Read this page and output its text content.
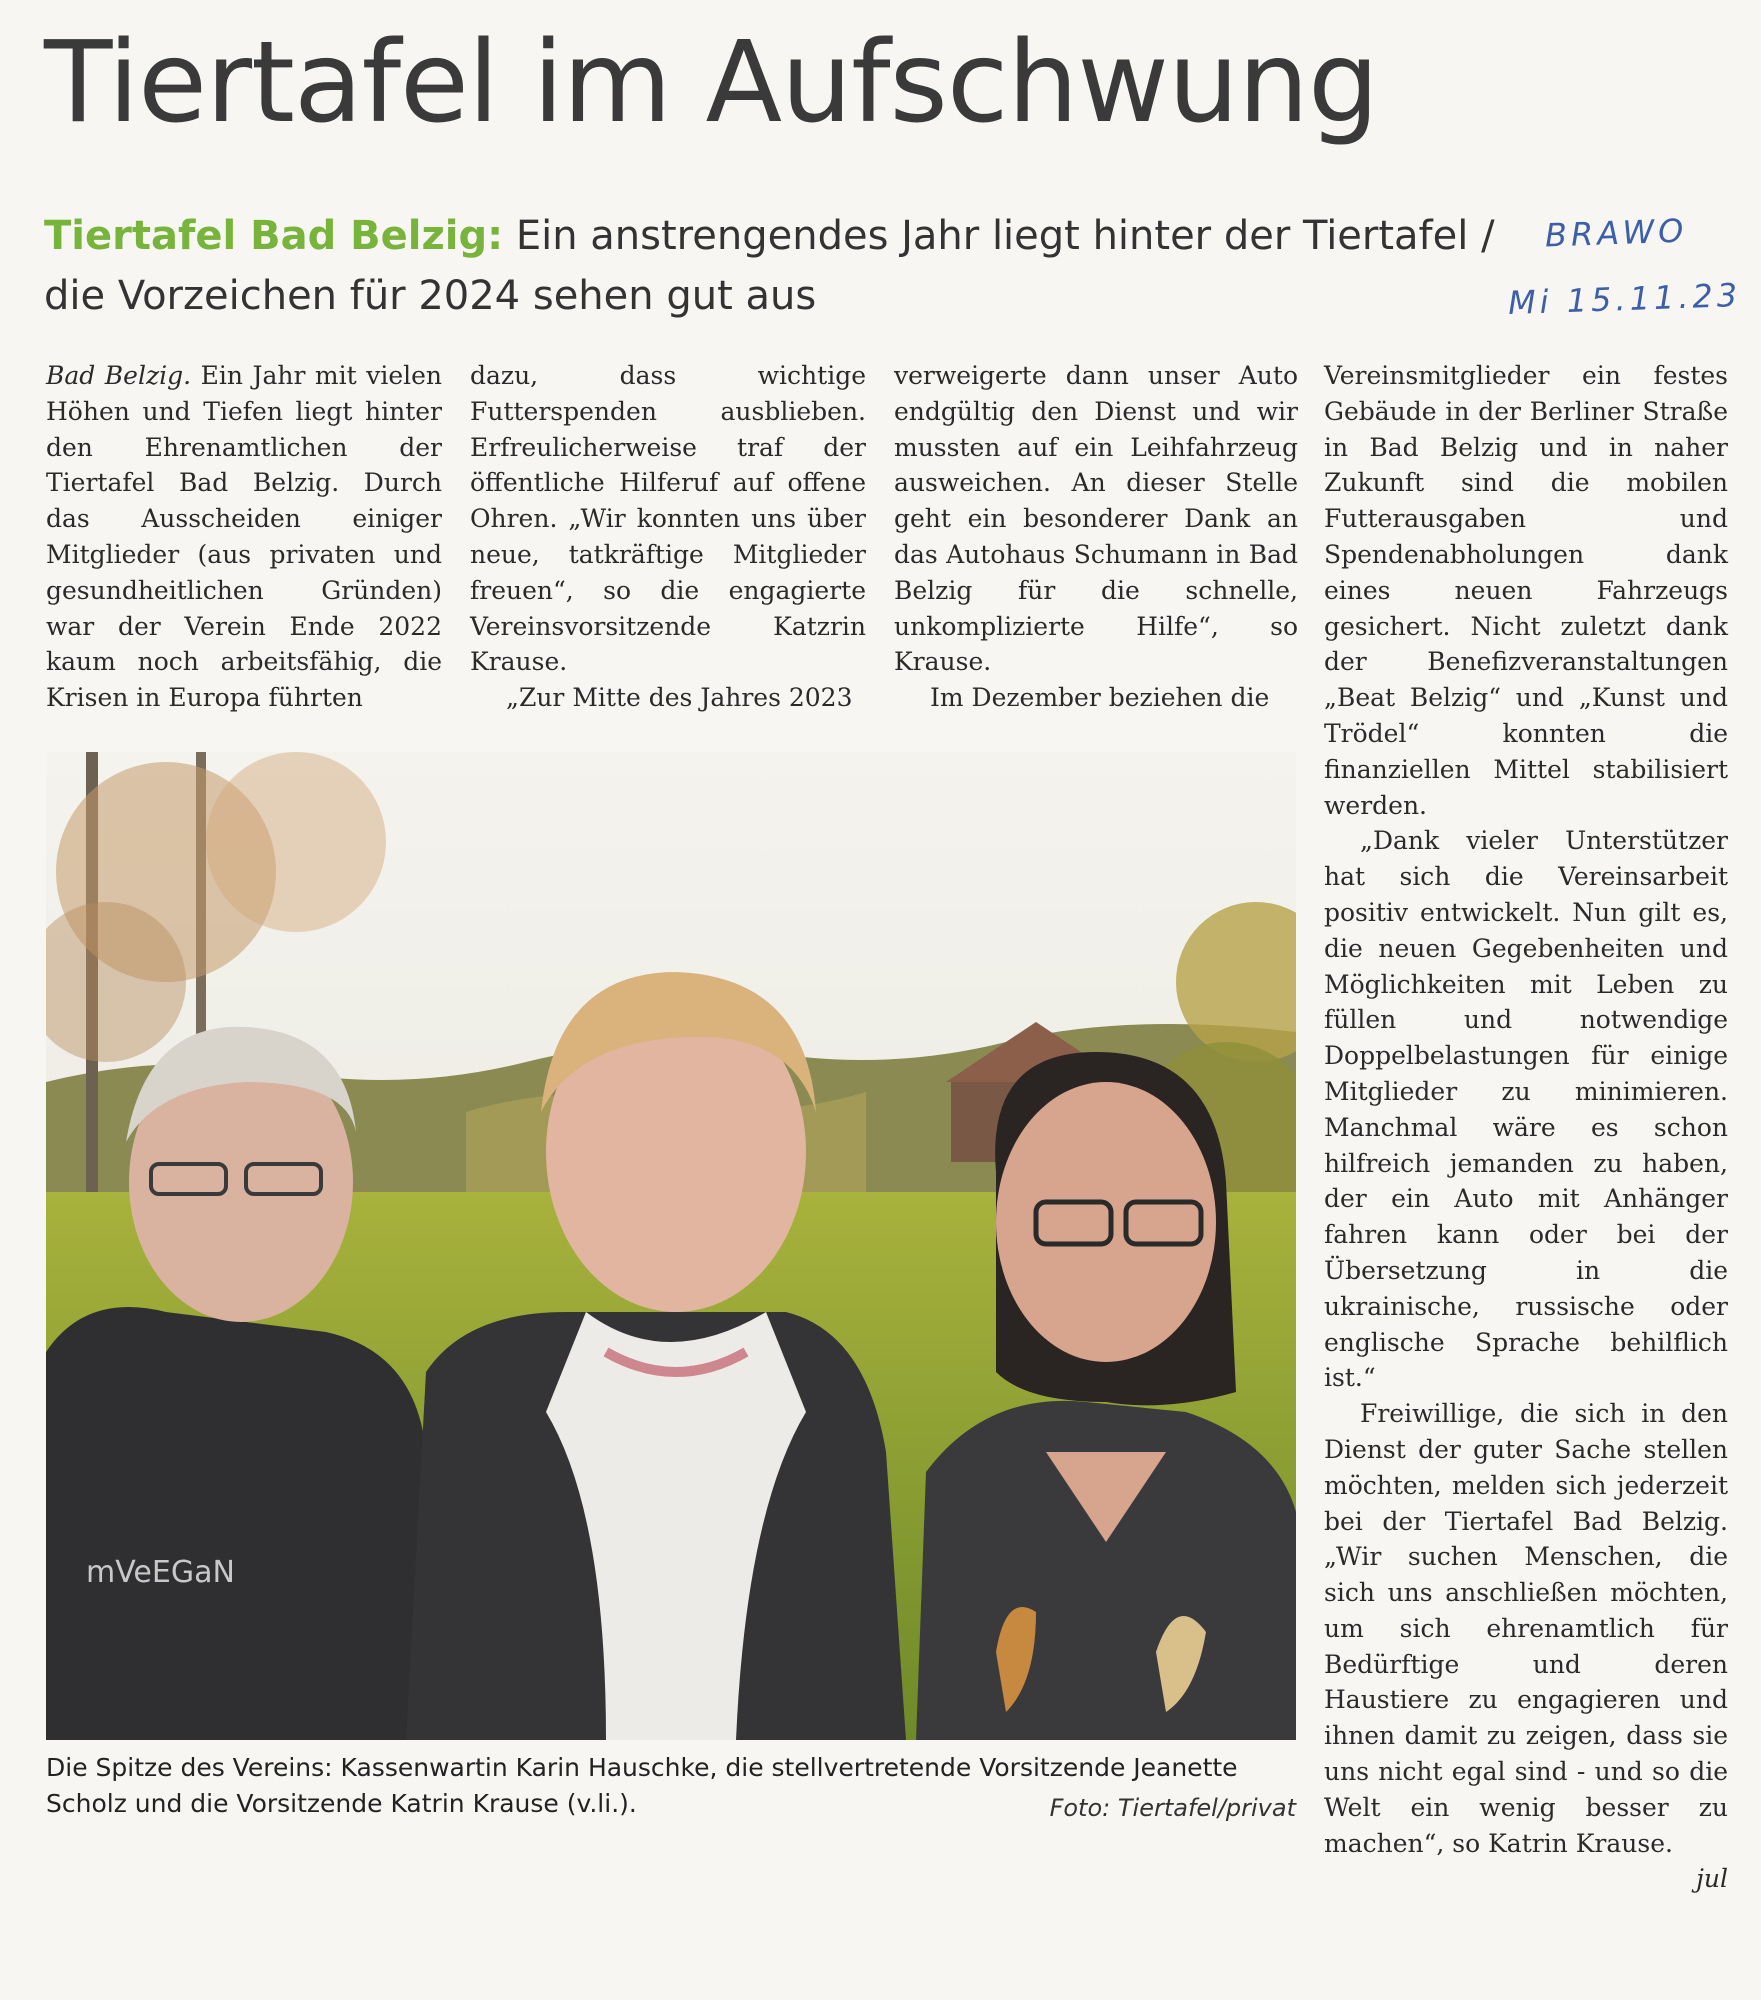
Tiertafel im Aufschwung
Tiertafel Bad Belzig: Ein anstrengendes Jahr liegt hinter der Tiertafel / die Vorzeichen für 2024 sehen gut aus
BRAWO
Mi 15.11.23

Bad Belzig. Ein Jahr mit vielen Höhen und Tiefen liegt hinter den Ehrenamtlichen der Tiertafel Bad Belzig. Durch das Ausscheiden einiger Mitglieder (aus privaten und gesundheitlichen Gründen) war der Verein Ende 2022 kaum noch arbeitsfähig, die Krisen in Europa führten

dazu, dass wichtige Futterspenden ausblieben. Erfreulicherweise traf der öffentliche Hilferuf auf offene Ohren. „Wir konnten uns über neue, tatkräftige Mitglieder freuen“, so die engagierte Vereinsvorsitzende Katzrin Krause.

„Zur Mitte des Jahres 2023

verweigerte dann unser Auto endgültig den Dienst und wir mussten auf ein Leihfahrzeug ausweichen. An dieser Stelle geht ein besonderer Dank an das Autohaus Schumann in Bad Belzig für die schnelle, unkomplizierte Hilfe“, so Krause.

Im Dezember beziehen die

Vereinsmitglieder ein festes Gebäude in der Berliner Straße in Bad Belzig und in naher Zukunft sind die mobilen Futterausgaben und Spendenabholungen dank eines neuen Fahrzeugs gesichert. Nicht zuletzt dank der Benefizveranstaltungen „Beat Belzig“ und „Kunst und Trödel“ konnten die finanziellen Mittel stabilisiert werden.

„Dank vieler Unterstützer hat sich die Vereinsarbeit positiv entwickelt. Nun gilt es, die neuen Gegebenheiten und Möglichkeiten mit Leben zu füllen und notwendige Doppelbelastungen für einige Mitglieder zu minimieren. Manchmal wäre es schon hilfreich jemanden zu haben, der ein Auto mit Anhänger fahren kann oder bei der Übersetzung in die ukrainische, russische oder englische Sprache behilflich ist.“

Freiwillige, die sich in den Dienst der guter Sache stellen möchten, melden sich jederzeit bei der Tiertafel Bad Belzig. „Wir suchen Menschen, die sich uns anschließen möchten, um sich ehrenamtlich für Bedürftige und deren Haustiere zu engagieren und ihnen damit zu zeigen, dass sie uns nicht egal sind - und so die Welt ein wenig besser zu machen“, so Katrin Krause.
jul

mVeEGaN
Die Spitze des Vereins: Kassenwartin Karin Hauschke, die stellvertretende Vorsitzende Jeanette Scholz und die Vorsitzende Katrin Krause (v.li.).	Foto: Tiertafel/privat
